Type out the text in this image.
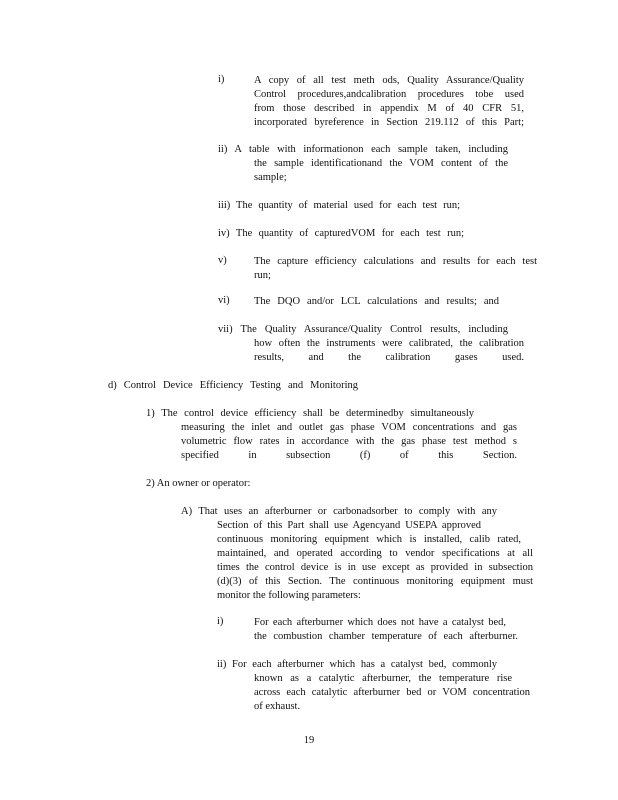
i)	A copy of all test meth ods, Quality Assurance/Quality
Control procedures,andcalibration procedures tobe used
from those described in appendix M of 40 CFR 51,
incorporated byreference in Section 219.112 of this Part;
ii) A table with informationon each sample taken, including
the sample identificationand the VOM content of the
sample;
iii) The quantity of material used for each test run;
iv) The quantity of capturedVOM for each test run;
v)	The capture efficiency calculations and results for each test
run;
vi) The DQO and/or LCL calculations and results; and
vii) The Quality Assurance/Quality Control results, including
how often the instruments were calibrated, the calibration
results, and the calibration gases used.
d) Control Device Efficiency Testing and Monitoring
1) The control device efficiency shall be determinedby simultaneously
measuring the inlet and outlet gas phase VOM concentrations and gas
volumetric flow rates in accordance with the gas phase test method s
specified in subsection (f) of this Section.
2) An owner or operator:
A) That uses an afterburner or carbonadsorber to comply with any
Section of this Part shall use Agencyand USEPA approved
continuous monitoring equipment which is installed, calib rated,
maintained, and operated according to vendor specifications at all
times the control device is in use except as provided in subsection
(d)(3) of this Section. The continuous monitoring equipment must
monitor the following parameters:
i)	For each afterburner which does not have a catalyst bed,
the combustion chamber temperature of each afterburner.
ii) For each afterburner which has a catalyst bed, commonly
known as a catalytic afterburner, the temperature rise
across each catalytic afterburner bed or VOM concentration
of exhaust.
19
